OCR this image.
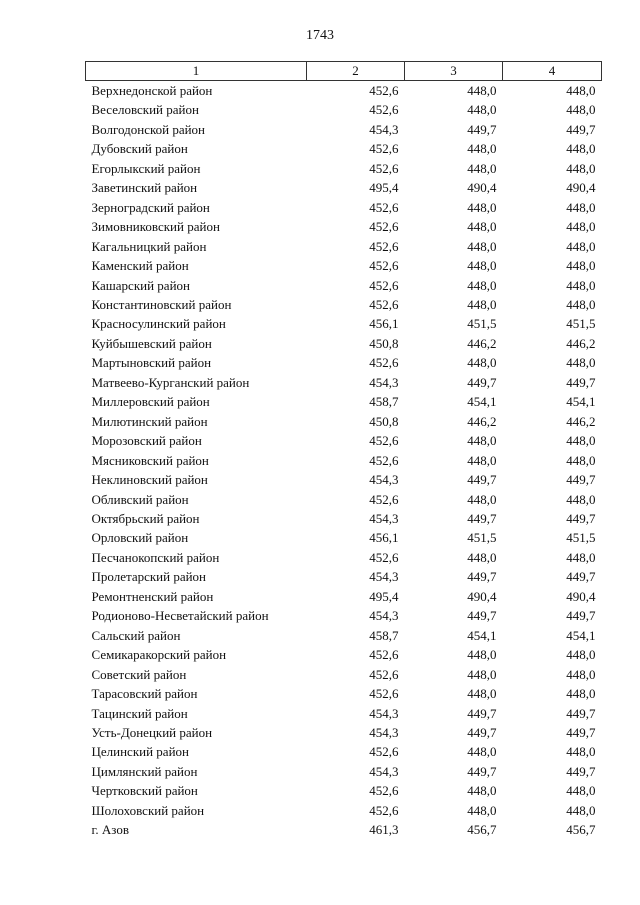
1743
1	2	3	4
Верхнедонской район	452,6	448,0	448,0
Веселовский район	452,6	448,0	448,0
Волгодонской район	454,3	449,7	449,7
Дубовский район	452,6	448,0	448,0
Егорлыкский район	452,6	448,0	448,0
Заветинский район	495,4	490,4	490,4
Зерноградский район	452,6	448,0	448,0
Зимовниковский район	452,6	448,0	448,0
Кагальницкий район	452,6	448,0	448,0
Каменский район	452,6	448,0	448,0
Кашарский район	452,6	448,0	448,0
Константиновский район	452,6	448,0	448,0
Красносулинский район	456,1	451,5	451,5
Куйбышевский район	450,8	446,2	446,2
Мартыновский район	452,6	448,0	448,0
Матвеево-Курганский район	454,3	449,7	449,7
Миллеровский район	458,7	454,1	454,1
Милютинский район	450,8	446,2	446,2
Морозовский район	452,6	448,0	448,0
Мясниковский район	452,6	448,0	448,0
Неклиновский район	454,3	449,7	449,7
Обливский район	452,6	448,0	448,0
Октябрьский район	454,3	449,7	449,7
Орловский район	456,1	451,5	451,5
Песчанокопский район	452,6	448,0	448,0
Пролетарский район	454,3	449,7	449,7
Ремонтненский район	495,4	490,4	490,4
Родионово-Несветайский район	454,3	449,7	449,7
Сальский район	458,7	454,1	454,1
Семикаракорский район	452,6	448,0	448,0
Советский район	452,6	448,0	448,0
Тарасовский район	452,6	448,0	448,0
Тацинский район	454,3	449,7	449,7
Усть-Донецкий район	454,3	449,7	449,7
Целинский район	452,6	448,0	448,0
Цимлянский район	454,3	449,7	449,7
Чертковский район	452,6	448,0	448,0
Шолоховский район	452,6	448,0	448,0
г. Азов	461,3	456,7	456,7
